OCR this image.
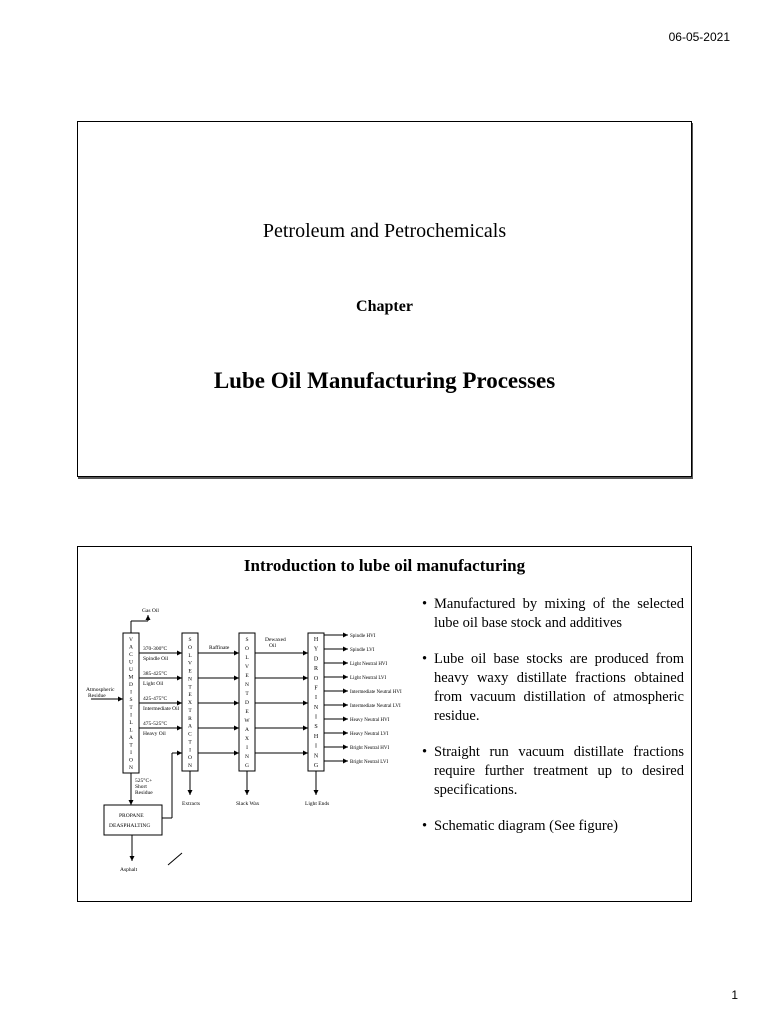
06-05-2021
Petroleum and Petrochemicals
Chapter
Lube Oil Manufacturing Processes
Introduction to lube oil manufacturing
Gas Oil
Atmospheric
Residue
370-300°C
Spindle Oil
385-425°C
Light Oil
425-475°C
Intermediate Oil
475-525°C
Heavy Oil
525°C+
Short
Residue
Raffinate
Dewaxed
Oil
PROPANE
DEASPHALTING
Extracts	Slack Wax	Light Ends
Asphalt
V
A
C
U
U
M
D
I
S
T
I
L
L
A
T
I
O
N
S
O
L
V
E
N
T
E
X
T
R
A
C
T
I
O
N
S
O
L
V
E
N
T
D
E
W
A
X
I
N
G
H
Y
D
R
O
F
I
N
I
S
H
I
N
G
Spindle HVI
Spindle LVI
Light Neutral HVI
Light Neutral LVI
Intermediate Neutral HVI
Intermediate Neutral LVI
Heavy Neutral HVI
Heavy Neutral LVI
Bright Neutral HVI
Bright Neutral LVI
• Manufactured by mixing of the selected lube oil base stock and additives
• Lube oil base stocks are produced from heavy waxy distillate fractions obtained from vacuum distillation of atmospheric residue.
• Straight run vacuum distillate fractions require further treatment up to desired specifications.
• Schematic diagram (See figure)
1
